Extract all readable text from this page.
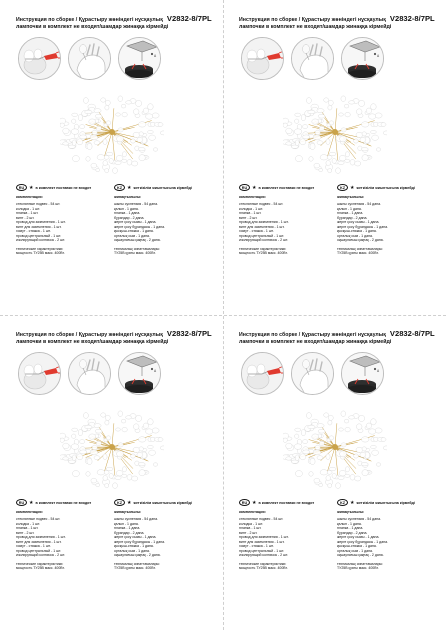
Инструкция по сборке / Құрастыру жөніндегі нұсқаулық V2832-8/7PL
лампочки в комплект не входят/шамдар жинаққа кірмейді
A
RU ★ в комплект поставки не входит	KZ ★ жеткізілім жиынтығына кірмейді
комплектация:
стеклянные подвес - 54 шт.
колодка - 1 шт.
планка - 1 шт.
винт - 2 шт.
провод для заземления - 1 шт.
винт для заземления - 1 шт.
хомут - стяжка - 1 шт.
провод центральный - 1 шт.
изолирующий колпачок - 2 шт.
технические характеристики:
мощность ТУ25В макс. 400Вт.
жинақтылығы:
шыны суспензия - 54 дана.
қалып - 1 дана.
планка - 1 дана.
бұрандар - 2 дана.
жерге қосу сымы - 1 дана.
жерге қосу бұрандасы - 1 дана.
қысқыш-стяжка - 1 дана.
орталық сым - 1 дана.
оқшаулағыш қақпақ - 2 дана.
техникалық сипаттамалары:
ТУ25В қуаты макс. 400Вт.
Инструкция по сборке / Құрастыру жөніндегі нұсқаулық V2832-8/7PL
лампочки в комплект не входят/шамдар жинаққа кірмейді
A
RU ★ в комплект поставки не входит	KZ ★ жеткізілім жиынтығына кірмейді
комплектация:
стеклянные подвес - 54 шт.
колодка - 1 шт.
планка - 1 шт.
винт - 2 шт.
провод для заземления - 1 шт.
винт для заземления - 1 шт.
хомут - стяжка - 1 шт.
провод центральный - 1 шт.
изолирующий колпачок - 2 шт.
технические характеристики:
мощность ТУ25В макс. 400Вт.
жинақтылығы:
шыны суспензия - 54 дана.
қалып - 1 дана.
планка - 1 дана.
бұрандар - 2 дана.
жерге қосу сымы - 1 дана.
жерге қосу бұрандасы - 1 дана.
қысқыш-стяжка - 1 дана.
орталық сым - 1 дана.
оқшаулағыш қақпақ - 2 дана.
техникалық сипаттамалары:
ТУ25В қуаты макс. 400Вт.
Инструкция по сборке / Құрастыру жөніндегі нұсқаулық V2832-8/7PL
лампочки в комплект не входят/шамдар жинаққа кірмейді
A
RU ★ в комплект поставки не входит	KZ ★ жеткізілім жиынтығына кірмейді
комплектация:
стеклянные подвес - 54 шт.
колодка - 1 шт.
планка - 1 шт.
винт - 2 шт.
провод для заземления - 1 шт.
винт для заземления - 1 шт.
хомут - стяжка - 1 шт.
провод центральный - 1 шт.
изолирующий колпачок - 2 шт.
технические характеристики:
мощность ТУ25В макс. 400Вт.
жинақтылығы:
шыны суспензия - 54 дана.
қалып - 1 дана.
планка - 1 дана.
бұрандар - 2 дана.
жерге қосу сымы - 1 дана.
жерге қосу бұрандасы - 1 дана.
қысқыш-стяжка - 1 дана.
орталық сым - 1 дана.
оқшаулағыш қақпақ - 2 дана.
техникалық сипаттамалары:
ТУ25В қуаты макс. 400Вт.
Инструкция по сборке / Құрастыру жөніндегі нұсқаулық V2832-8/7PL
лампочки в комплект не входят/шамдар жинаққа кірмейді
A
RU ★ в комплект поставки не входит	KZ ★ жеткізілім жиынтығына кірмейді
комплектация:
стеклянные подвес - 54 шт.
колодка - 1 шт.
планка - 1 шт.
винт - 2 шт.
провод для заземления - 1 шт.
винт для заземления - 1 шт.
хомут - стяжка - 1 шт.
провод центральный - 1 шт.
изолирующий колпачок - 2 шт.
технические характеристики:
мощность ТУ25В макс. 400Вт.
жинақтылығы:
шыны суспензия - 54 дана.
қалып - 1 дана.
планка - 1 дана.
бұрандар - 2 дана.
жерге қосу сымы - 1 дана.
жерге қосу бұрандасы - 1 дана.
қысқыш-стяжка - 1 дана.
орталық сым - 1 дана.
оқшаулағыш қақпақ - 2 дана.
техникалық сипаттамалары:
ТУ25В қуаты макс. 400Вт.
